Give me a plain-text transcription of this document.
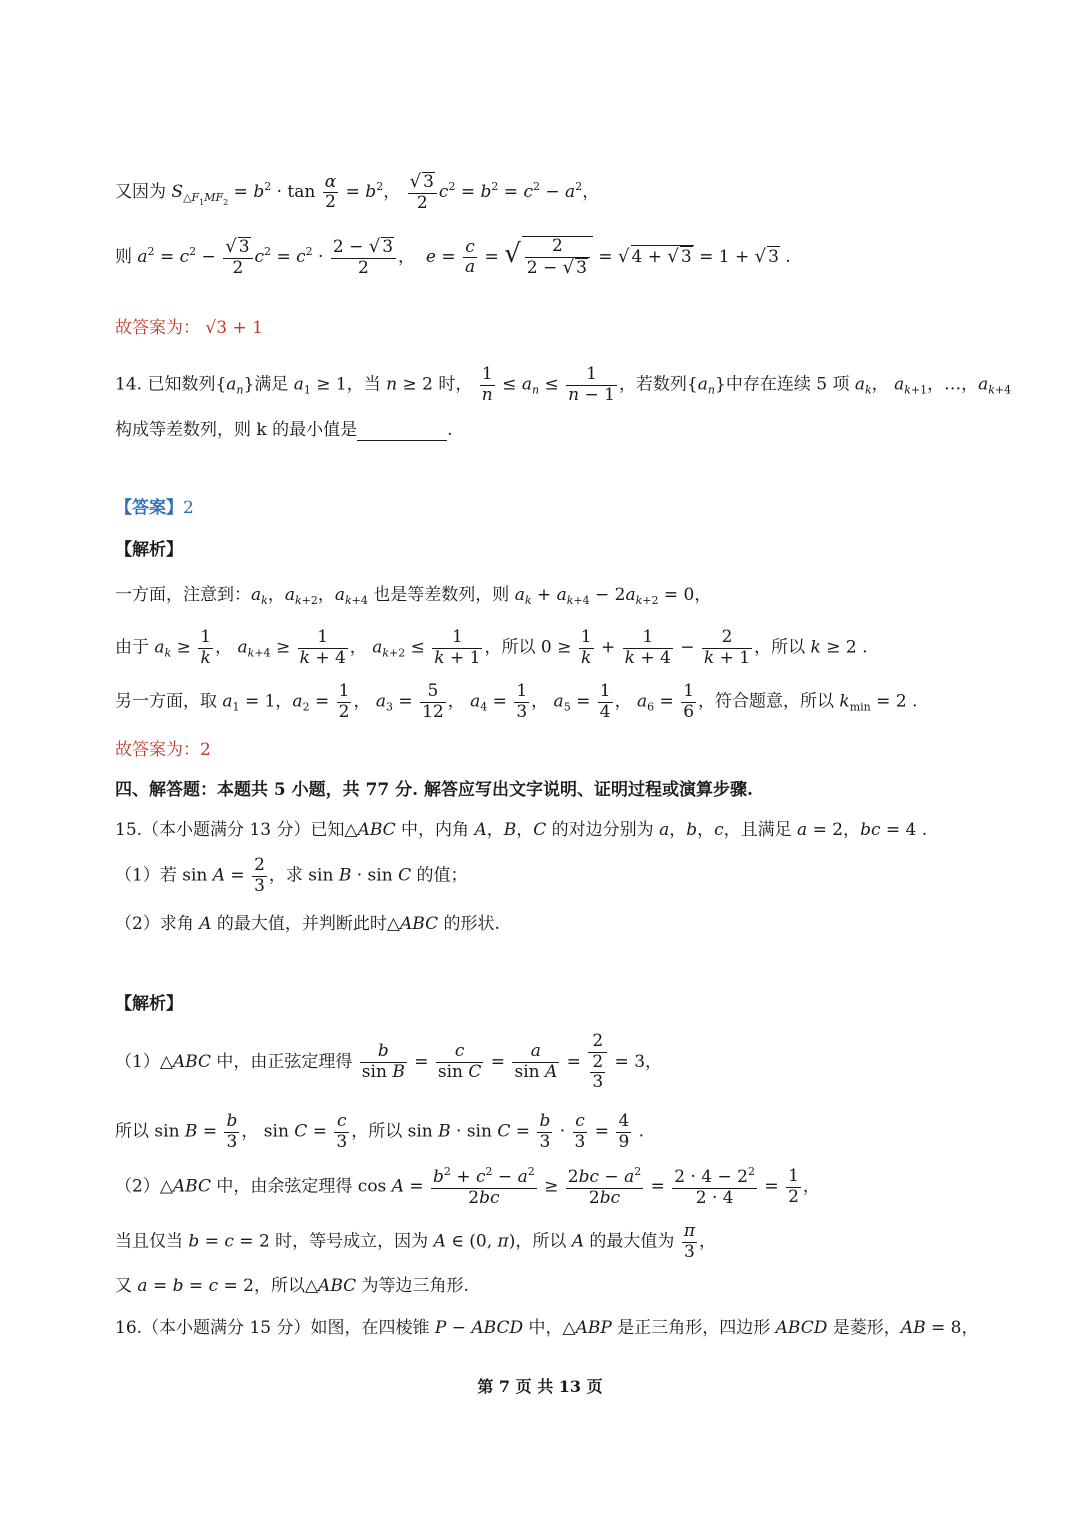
又因为 $S_{\triangle F_1MF_2} = b^2 \cdot \tan \frac{\alpha}{2} = b^2$， $\frac{√ 3}{2} c^2 = b^2 = c^2 - a^2$，
则 $a^2 = c^2 - \frac{√ 3}{2} c^2 = c^2 \cdot \frac{2 - √ 3}{2}$ ，  $e = \frac{c}{a}$ = √ $\frac{2}{2 - √ 3}$ = √ 4 + √ 3 = 1 + √ 3 .
故答案为： √3 + 1
14. 已知数列$\{a_n\}$满足 $a_1 \ge 1$，当 n ≥ 2 时， $\frac{1}{n} \le a_n \le \frac{1}{n - 1}$ ，若数列$\{a_n\}$中存在连续 5 项 $a_k$， $a_{k+1}$，…，$a_{k+4}$
构成等差数列，则 k 的最小值是	.
【答案】2
【解析】
一方面，注意到：$a_k$，$a_{k+2}$，$a_{k+4}$ 也是等差数列，则 $a_k + a_{k+4} - 2a_{k+2} = 0$，
由于 $a_k \ge \frac{1}{k}$ ， $a_{k+4} \ge \frac{1}{k + 4}$ ， $a_{k+2} \le \frac{1}{k + 1}$ ，所以 $0 \ge \frac{1}{k} + \frac{1}{k + 4} - \frac{2}{k + 1}$ ，所以 k ≥ 2 .
另一方面，取 $a_1 = 1$，$a_2 = \frac{1}{2}$ ， $a_3 = \frac{5}{12}$ ， $a_4 = \frac{1}{3}$ ， $a_5 = \frac{1}{4}$ ， $a_6 = \frac{1}{6}$ ，符合题意，所以 $k_{min} = 2$ .
故答案为：2
四、解答题：本题共 5 小题，共 77 分. 解答应写出文字说明、证明过程或演算步骤.
15.（本小题满分 13 分）已知△ABC 中，内角 A，B，C 的对边分别为 a，b，c，且满足 a = 2，bc = 4 .
（1）若 $\sin A = \frac{2}{3}$ ，求 sin B · sin C 的值；
（2）求角 A 的最大值，并判断此时△ABC 的形状.
【解析】
（1）△ABC 中，由正弦定理得 $\frac{b}{\text{sin B}} = \frac{c}{\text{sin C}} = \frac{a}{\text{sin A}} = \frac{2}{\frac{2}{3}} = 3$，
所以 $\sin B = \frac{b}{3}$ ， $\sin C = \frac{c}{3}$ ，所以 $\sin B \cdot \sin C = \frac{b}{3} \cdot \frac{c}{3} = \frac{4}{9}$ .
（2）△ABC 中，由余弦定理得 $\cos A = \frac{b^2 + c^2 - a^2}{2bc} \ge \frac{2bc - a^2}{2bc} = \frac{2 \cdot 4 - 2^2}{2 \cdot 4} = \frac{1}{2}$ ，
当且仅当 b = c = 2 时，等号成立，因为 A ∈ (0, π)，所以 A 的最大值为 $\frac{\pi}{3}$ ，
又 a = b = c = 2，所以△ABC 为等边三角形.
16.（本小题满分 15 分）如图，在四棱锥 P − ABCD 中，△ABP 是正三角形，四边形 ABCD 是菱形，AB = 8，
第 7 页 共 13 页
